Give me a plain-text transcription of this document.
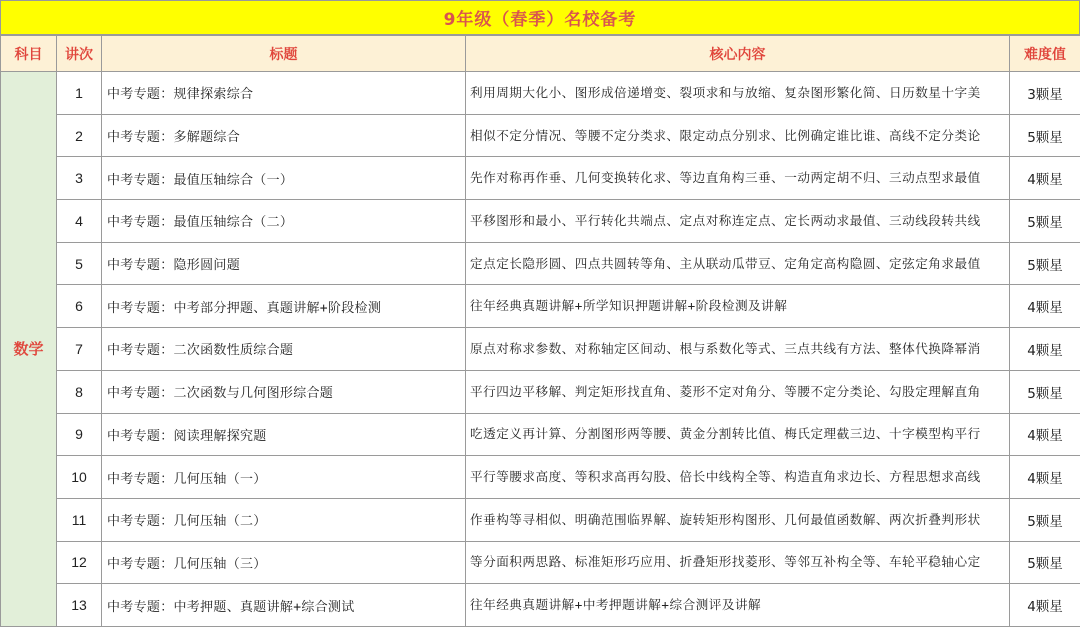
9年级（春季）名校备考
科目	讲次	标题	核心内容	难度值
数学	1	中考专题：规律探索综合	利用周期大化小、图形成倍递增变、裂项求和与放缩、复杂图形繁化简、日历数星十字美	3颗星
	2	中考专题：多解题综合	相似不定分情况、等腰不定分类求、限定动点分别求、比例确定谁比谁、高线不定分类论	5颗星
	3	中考专题：最值压轴综合（一）	先作对称再作垂、几何变换转化求、等边直角构三垂、一动两定胡不归、三动点型求最值	4颗星
	4	中考专题：最值压轴综合（二）	平移图形和最小、平行转化共端点、定点对称连定点、定长两动求最值、三动线段转共线	5颗星
	5	中考专题：隐形圆问题	定点定长隐形圆、四点共圆转等角、主从联动瓜带豆、定角定高构隐圆、定弦定角求最值	5颗星
	6	中考专题：中考部分押题、真题讲解+阶段检测	往年经典真题讲解+所学知识押题讲解+阶段检测及讲解	4颗星
	7	中考专题：二次函数性质综合题	原点对称求参数、对称轴定区间动、根与系数化等式、三点共线有方法、整体代换降幂消	4颗星
	8	中考专题：二次函数与几何图形综合题	平行四边平移解、判定矩形找直角、菱形不定对角分、等腰不定分类论、勾股定理解直角	5颗星
	9	中考专题：阅读理解探究题	吃透定义再计算、分割图形两等腰、黄金分割转比值、梅氏定理截三边、十字模型构平行	4颗星
	10	中考专题：几何压轴（一）	平行等腰求高度、等积求高再勾股、倍长中线构全等、构造直角求边长、方程思想求高线	4颗星
	11	中考专题：几何压轴（二）	作垂构等寻相似、明确范围临界解、旋转矩形构图形、几何最值函数解、两次折叠判形状	5颗星
	12	中考专题：几何压轴（三）	等分面积两思路、标准矩形巧应用、折叠矩形找菱形、等邻互补构全等、车轮平稳轴心定	5颗星
	13	中考专题：中考押题、真题讲解+综合测试	往年经典真题讲解+中考押题讲解+综合测评及讲解	4颗星
